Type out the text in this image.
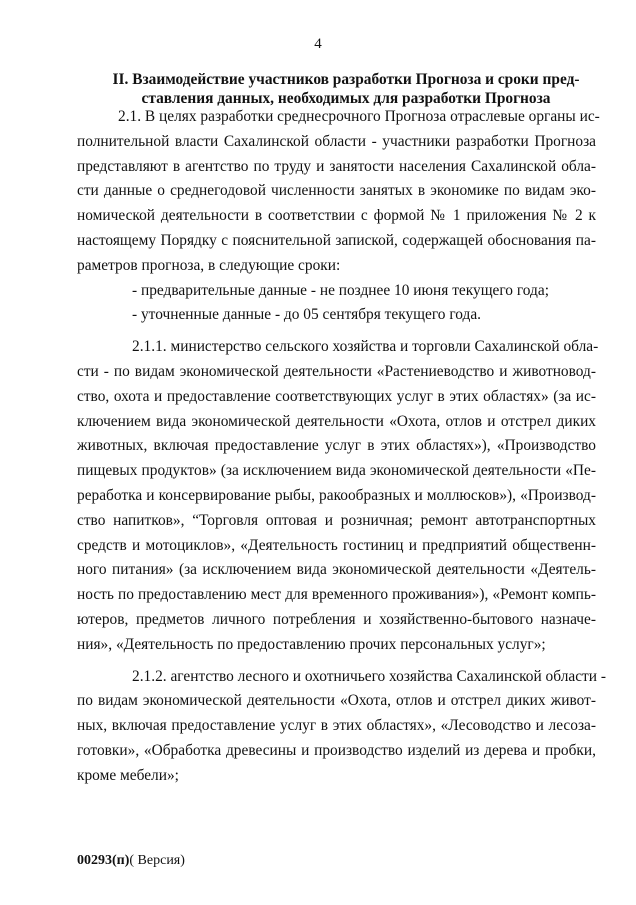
4
II. Взаимодействие участников разработки Прогноза и сроки пред-
ставления данных, необходимых для разработки Прогноза
2.1. В целях разработки среднесрочного Прогноза отраслевые органы ис-
полнительной власти Сахалинской области - участники разработки Прогноза
представляют в агентство по труду и занятости населения Сахалинской обла-
сти данные о среднегодовой численности занятых в экономике по видам эко-
номической деятельности в соответствии с формой № 1 приложения № 2 к
настоящему Порядку с пояснительной запиской, содержащей обоснования па-
раметров прогноза, в следующие сроки:
- предварительные данные - не позднее 10 июня текущего года;
- уточненные данные - до 05 сентября текущего года.
2.1.1. министерство сельского хозяйства и торговли Сахалинской обла-
сти - по видам экономической деятельности «Растениеводство и животновод-
ство, охота и предоставление соответствующих услуг в этих областях» (за ис-
ключением вида экономической деятельности «Охота, отлов и отстрел диких
животных, включая предоставление услуг в этих областях»), «Производство
пищевых продуктов» (за исключением вида экономической деятельности «Пе-
реработка и консервирование рыбы, ракообразных и моллюсков»), «Производ-
ство напитков», “Торговля оптовая и розничная; ремонт автотранспортных
средств и мотоциклов», «Деятельность гостиниц и предприятий общественн-
ного питания» (за исключением вида экономической деятельности «Деятель-
ность по предоставлению мест для временного проживания»), «Ремонт компь-
ютеров, предметов личного потребления и хозяйственно-бытового назначе-
ния», «Деятельность по предоставлению прочих персональных услуг»;
2.1.2. агентство лесного и охотничьего хозяйства Сахалинской области -
по видам экономической деятельности «Охота, отлов и отстрел диких живот-
ных, включая предоставление услуг в этих областях», «Лесоводство и лесоза-
готовки», «Обработка древесины и производство изделий из дерева и пробки,
кроме мебели»;
00293(п)( Версия)
